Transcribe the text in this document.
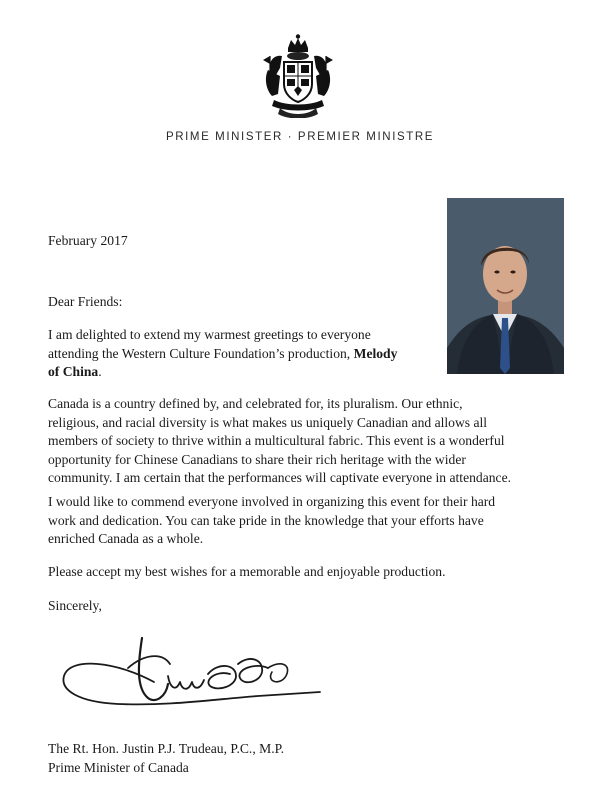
PRIME MINISTER · PREMIER MINISTRE
February 2017
Dear Friends:
I am delighted to extend my warmest greetings to everyone
attending the Western Culture Foundation’s production, Melody
of China.
Canada is a country defined by, and celebrated for, its pluralism. Our ethnic,
religious, and racial diversity is what makes us uniquely Canadian and allows all
members of society to thrive within a multicultural fabric. This event is a wonderful
opportunity for Chinese Canadians to share their rich heritage with the wider
community. I am certain that the performances will captivate everyone in attendance.
I would like to commend everyone involved in organizing this event for their hard
work and dedication. You can take pride in the knowledge that your efforts have
enriched Canada as a whole.
Please accept my best wishes for a memorable and enjoyable production.
Sincerely,
The Rt. Hon. Justin P.J. Trudeau, P.C., M.P.
Prime Minister of Canada
